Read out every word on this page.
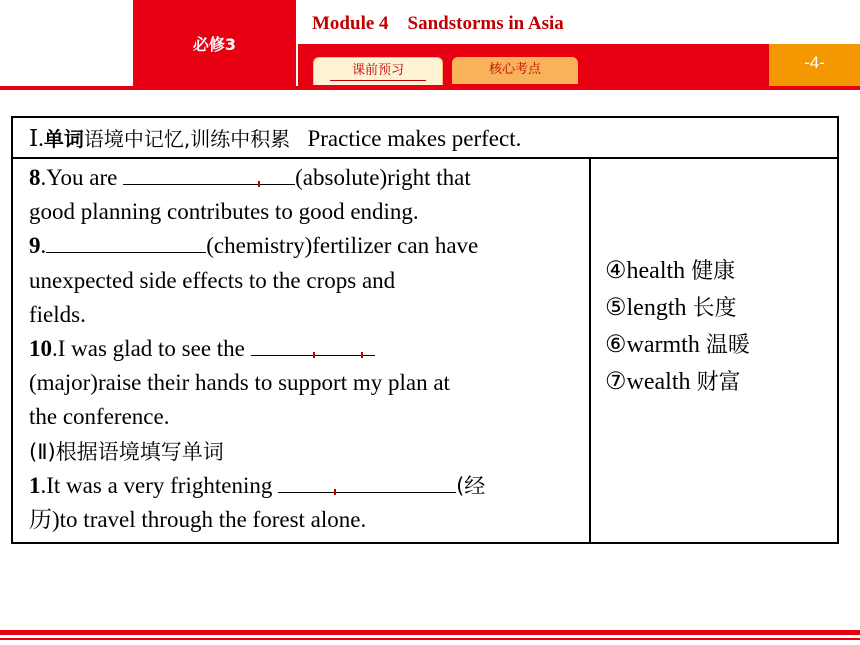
必修3
Module 4    Sandstorms in Asia
-4-
课前预习	核心考点
Ⅰ.单词语境中记忆,训练中积累 Practice makes perfect.
8.You are	(absolute)right that
good planning contributes to good ending.
9.	(chemistry)fertilizer can have
unexpected side effects to the crops and
fields.
10.I was glad to see the
(major)raise their hands to support my plan at
the conference.
(Ⅱ)根据语境填写单词
1.It was a very frightening	(经
历)to travel through the forest alone.
④health 健康
⑤length 长度
⑥warmth 温暖
⑦wealth 财富
